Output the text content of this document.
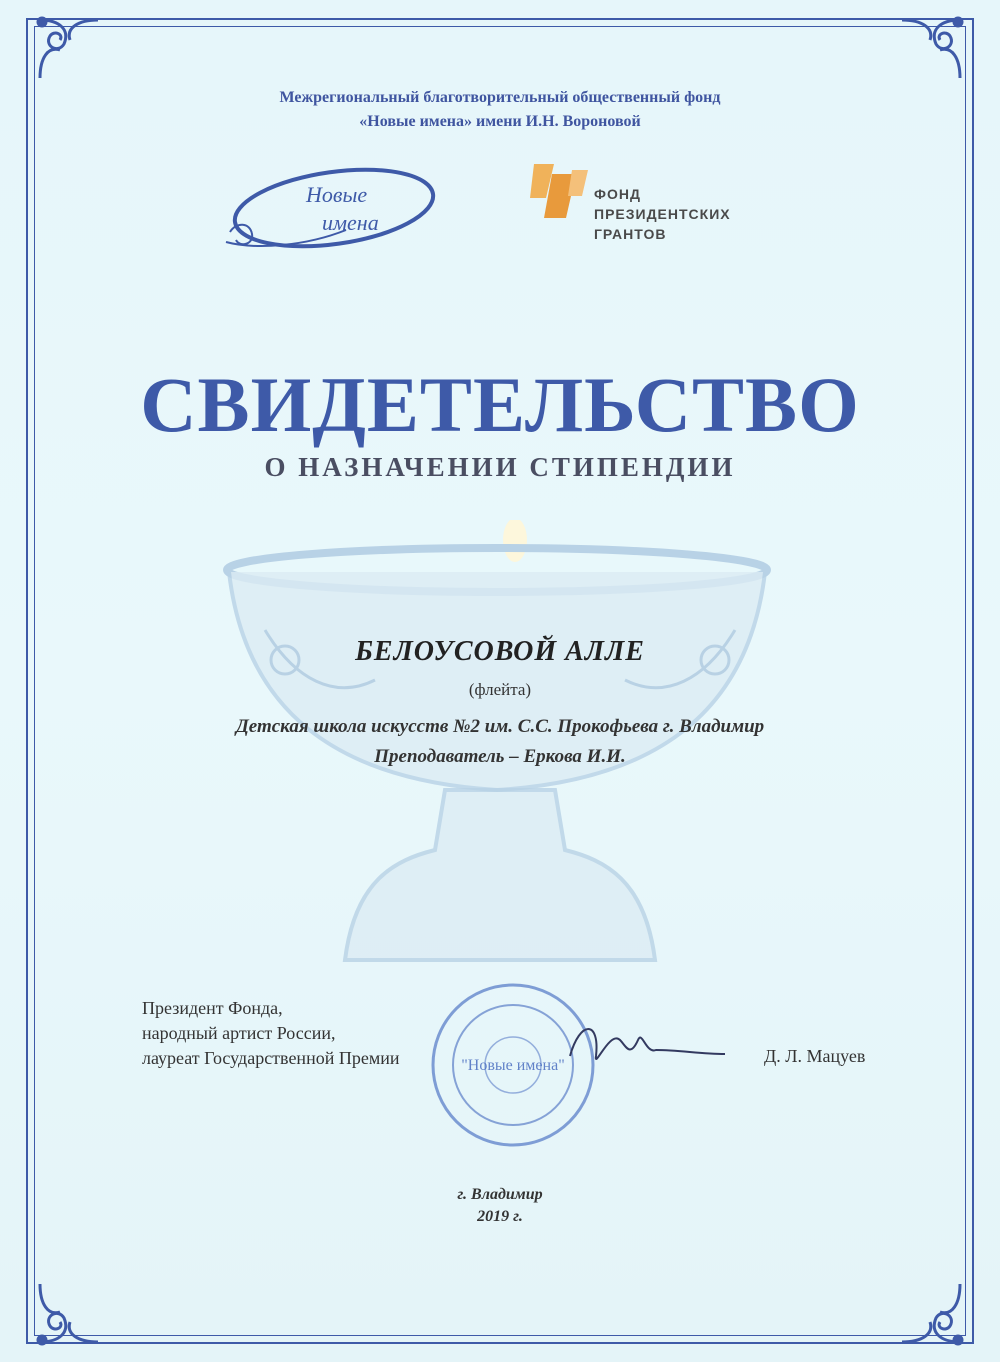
Межрегиональный благотворительный общественный фонд
«Новые имена» имени И.Н. Вороновой
Новые
имена
ФОНД
ПРЕЗИДЕНТСКИХ
ГРАНТОВ
СВИДЕТЕЛЬСТВО
О НАЗНАЧЕНИИ СТИПЕНДИИ
БЕЛОУСОВОЙ АЛЛЕ
(флейта)
Детская школа искусств №2 им. С.С. Прокофьева г. Владимир
Преподаватель – Еркова И.И.
Президент Фонда,
народный артист России,
лауреат Государственной Премии	"Новые имена"	Д. Л. Мацуев
г. Владимир
2019 г.
